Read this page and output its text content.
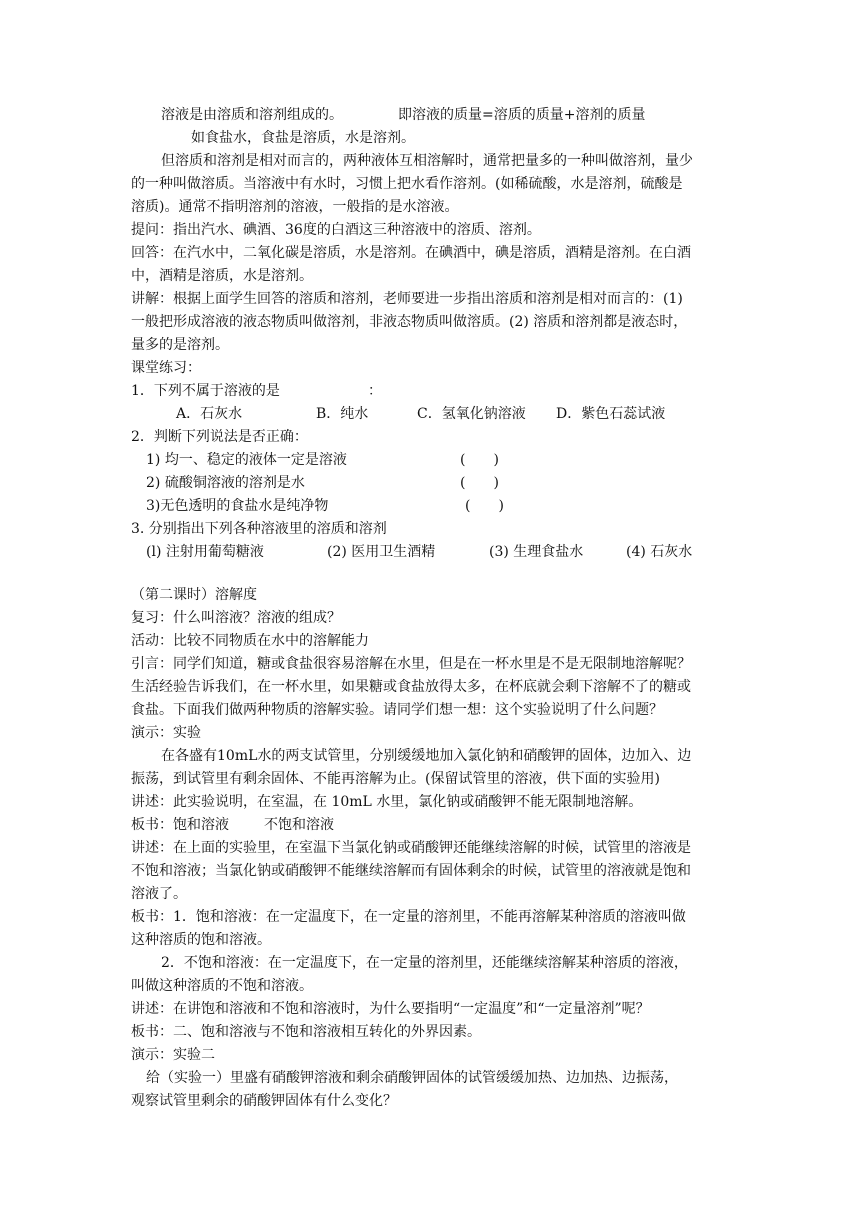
溶液是由溶质和溶剂组成的。	即溶液的质量=溶质的质量+溶剂的质量
如食盐水，食盐是溶质，水是溶剂。
但溶质和溶剂是相对而言的，两种液体互相溶解时，通常把量多的一种叫做溶剂，量少
的一种叫做溶质。当溶液中有水时，习惯上把水看作溶剂。(如稀硫酸，水是溶剂，硫酸是
溶质)。通常不指明溶剂的溶液，一般指的是水溶液。
提问：指出汽水、碘酒、36度的白酒这三种溶液中的溶质、溶剂。
回答：在汽水中，二氧化碳是溶质，水是溶剂。在碘酒中，碘是溶质，酒精是溶剂。在白酒
中，酒精是溶质，水是溶剂。
讲解：根据上面学生回答的溶质和溶剂，老师要进一步指出溶质和溶剂是相对而言的：(1)
一般把形成溶液的液态物质叫做溶剂，非液态物质叫做溶质。(2) 溶质和溶剂都是液态时，
量多的是溶剂。
课堂练习：
1．下列不属于溶液的是	：
A．石灰水	B．纯水	C．氢氧化钠溶液 D．紫色石蕊试液
2．判断下列说法是否正确：
1) 均一、稳定的液体一定是溶液	(　　)
2) 硫酸铜溶液的溶剂是水	(　　)
3)无色透明的食盐水是纯净物	(　　)
3. 分别指出下列各种溶液里的溶质和溶剂
(l) 注射用葡萄糖液	(2) 医用卫生酒精	(3) 生理食盐水	(4) 石灰水
（第二课时）溶解度
复习：什么叫溶液？溶液的组成？
活动：比较不同物质在水中的溶解能力
引言：同学们知道，糖或食盐很容易溶解在水里，但是在一杯水里是不是无限制地溶解呢？
生活经验告诉我们，在一杯水里，如果糖或食盐放得太多，在杯底就会剩下溶解不了的糖或
食盐。下面我们做两种物质的溶解实验。请同学们想一想：这个实验说明了什么问题？
演示：实验
在各盛有10mL水的两支试管里，分别缓缓地加入氯化钠和硝酸钾的固体，边加入、边
振荡，到试管里有剩余固体、不能再溶解为止。(保留试管里的溶液，供下面的实验用)
讲述：此实验说明，在室温，在 10mL 水里，氯化钠或硝酸钾不能无限制地溶解。
板书：饱和溶液	不饱和溶液
讲述：在上面的实验里，在室温下当氯化钠或硝酸钾还能继续溶解的时候，试管里的溶液是
不饱和溶液；当氯化钠或硝酸钾不能继续溶解而有固体剩余的时候，试管里的溶液就是饱和
溶液了。
板书：1．饱和溶液：在一定温度下，在一定量的溶剂里，不能再溶解某种溶质的溶液叫做
这种溶质的饱和溶液。
2．不饱和溶液：在一定温度下，在一定量的溶剂里，还能继续溶解某种溶质的溶液，
叫做这种溶质的不饱和溶液。
讲述：在讲饱和溶液和不饱和溶液时，为什么要指明“一定温度”和“一定量溶剂”呢？
板书：二、饱和溶液与不饱和溶液相互转化的外界因素。
演示：实验二
给（实验一）里盛有硝酸钾溶液和剩余硝酸钾固体的试管缓缓加热、边加热、边振荡，
观察试管里剩余的硝酸钾固体有什么变化？
